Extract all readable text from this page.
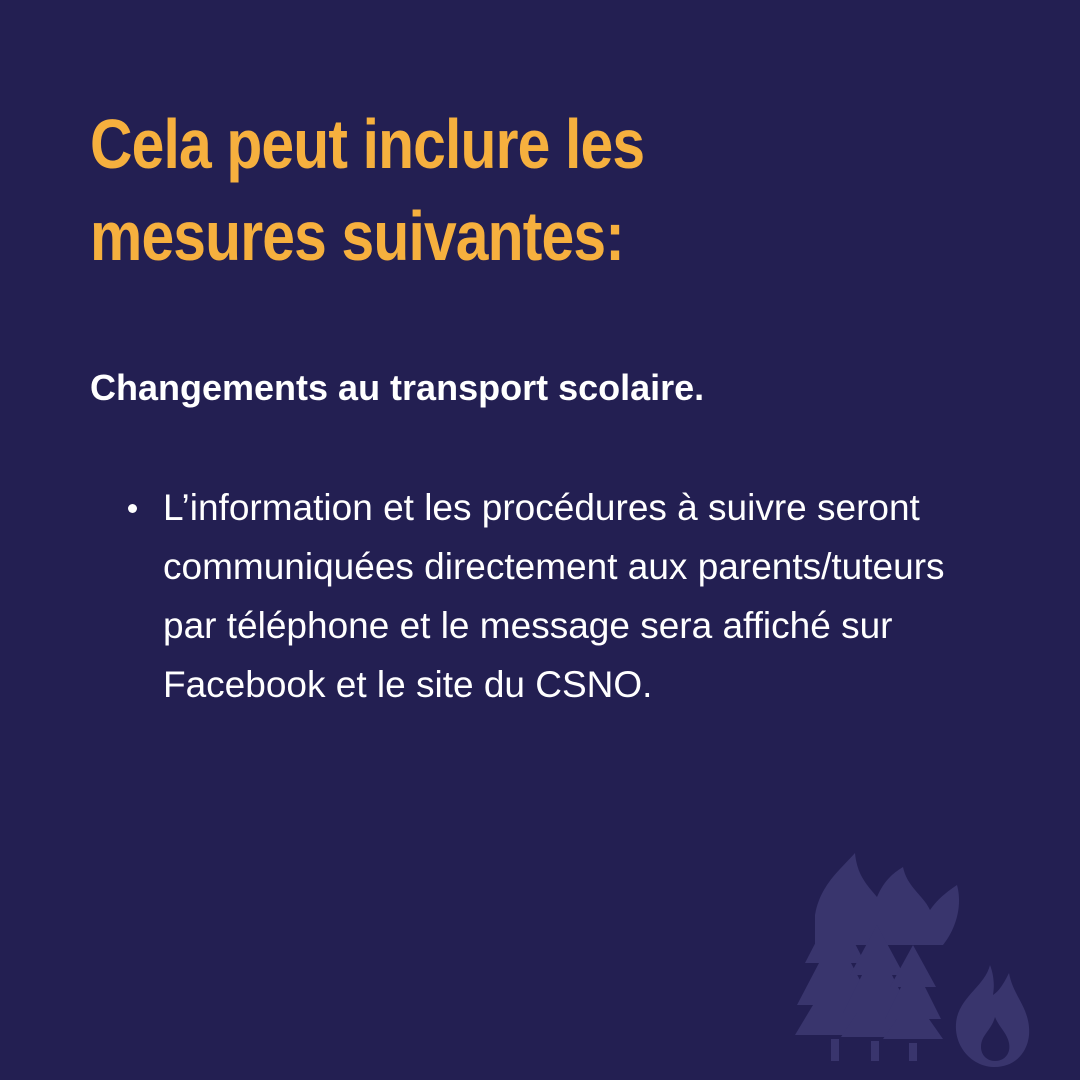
Cela peut inclure les mesures suivantes:
Changements au transport scolaire.
L’information et les procédures à suivre seront communiquées directement aux parents/tuteurs par téléphone et le message sera affiché sur Facebook et le site du CSNO.
